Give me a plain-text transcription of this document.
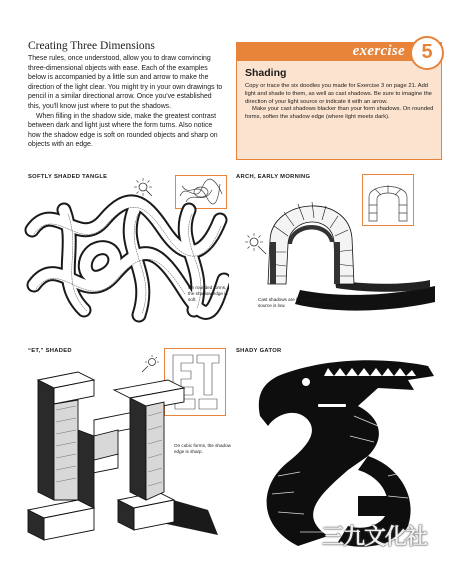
Creating Three Dimensions

These rules, once understood, allow you to draw convincing three-dimensional objects with ease. Each of the examples below is accompanied by a little sun and arrow to make the direction of the light clear. You might try in your own drawings to pencil in a similar directional arrow. Once you've established this, you'll know just where to put the shadows.

When filling in the shadow side, make the greatest contrast between dark and light just where the form turns. Also notice how the shadow edge is soft on rounded objects and sharp on objects with an edge.

exercise
Shading

Copy or trace the six doodles you made for Exercise 3 on page 21. Add light and shade to them, as well as cast shadows. Be sure to imagine the direction of your light source or indicate it with an arrow.

Make your cast shadows blacker than your form shadows. On rounded forms, soften the shadow edge (where light meets dark).

5
SOFTLY SHADED TANGLE
On rounded forms, the shadow edge is soft.
ARCH, EARLY MORNING
Cast shadows are long when the light source is low.
“ET,” SHADED
On cubic forms, the shadow edge is sharp.
SHADY GATOR
Sometimes you can give the cast shadow a personality of its own.
三九文化社
